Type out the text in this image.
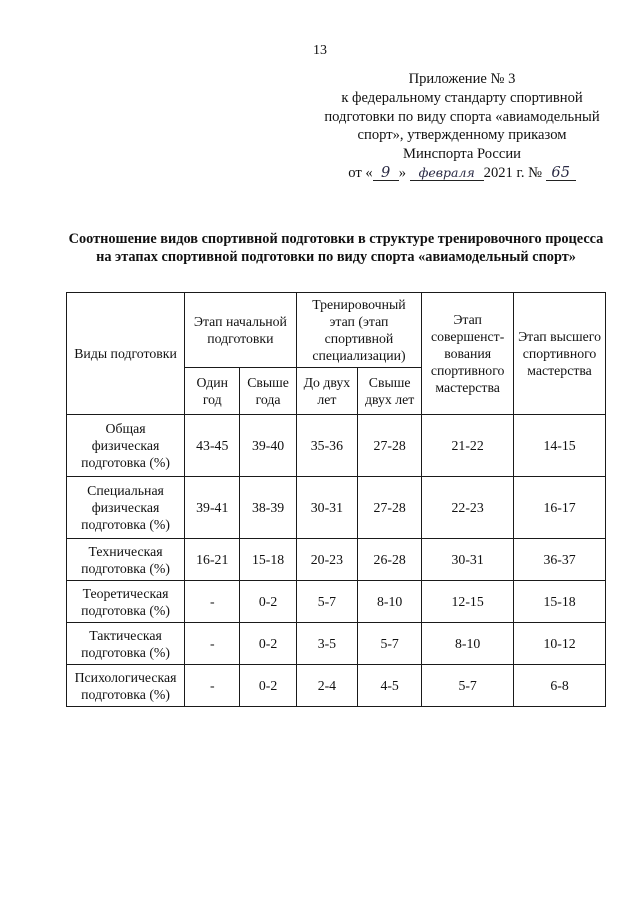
13
Приложение № 3
к федеральному стандарту спортивной
подготовки по виду спорта «авиамодельный
спорт», утвержденному приказом
Минспорта России
от « 9 » февраля 2021 г. № 65
Соотношение видов спортивной подготовки в структуре тренировочного процесса на этапах спортивной подготовки по виду спорта «авиамодельный спорт»
Виды подготовки	Этап начальной подготовки		Тренировочный этап (этап спортивной специализации)		Этап совершенст-вования спортивного мастерства	Этап высшего спортивного мастерства
	Один год	Свыше года	До двух лет	Свыше двух лет		
Общая физическая подготовка (%)	43-45	39-40	35-36	27-28	21-22	14-15
Специальная физическая подготовка (%)	39-41	38-39	30-31	27-28	22-23	16-17
Техническая подготовка (%)	16-21	15-18	20-23	26-28	30-31	36-37
Теоретическая подготовка (%)	-	0-2	5-7	8-10	12-15	15-18
Тактическая подготовка (%)	-	0-2	3-5	5-7	8-10	10-12
Психологическая подготовка (%)	-	0-2	2-4	4-5	5-7	6-8
